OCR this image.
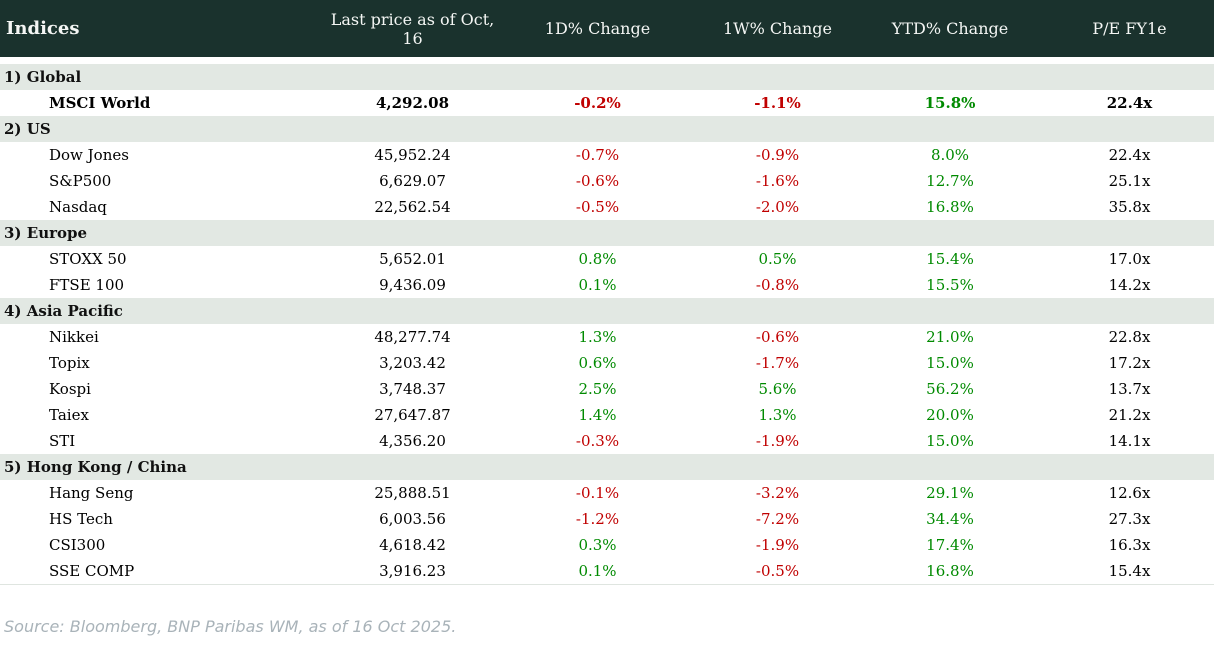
Indices	Last price as of Oct, 16	1D% Change	1W% Change	YTD% Change	P/E FY1e
1) Global
MSCI World	4,292.08	-0.2%	-1.1%	15.8%	22.4x
2) US
Dow Jones	45,952.24	-0.7%	-0.9%	8.0%	22.4x
S&P500	6,629.07	-0.6%	-1.6%	12.7%	25.1x
Nasdaq	22,562.54	-0.5%	-2.0%	16.8%	35.8x
3) Europe
STOXX 50	5,652.01	0.8%	0.5%	15.4%	17.0x
FTSE 100	9,436.09	0.1%	-0.8%	15.5%	14.2x
4) Asia Pacific
Nikkei	48,277.74	1.3%	-0.6%	21.0%	22.8x
Topix	3,203.42	0.6%	-1.7%	15.0%	17.2x
Kospi	3,748.37	2.5%	5.6%	56.2%	13.7x
Taiex	27,647.87	1.4%	1.3%	20.0%	21.2x
STI	4,356.20	-0.3%	-1.9%	15.0%	14.1x
5) Hong Kong / China
Hang Seng	25,888.51	-0.1%	-3.2%	29.1%	12.6x
HS Tech	6,003.56	-1.2%	-7.2%	34.4%	27.3x
CSI300	4,618.42	0.3%	-1.9%	17.4%	16.3x
SSE COMP	3,916.23	0.1%	-0.5%	16.8%	15.4x
Source: Bloomberg, BNP Paribas WM, as of 16 Oct 2025.
